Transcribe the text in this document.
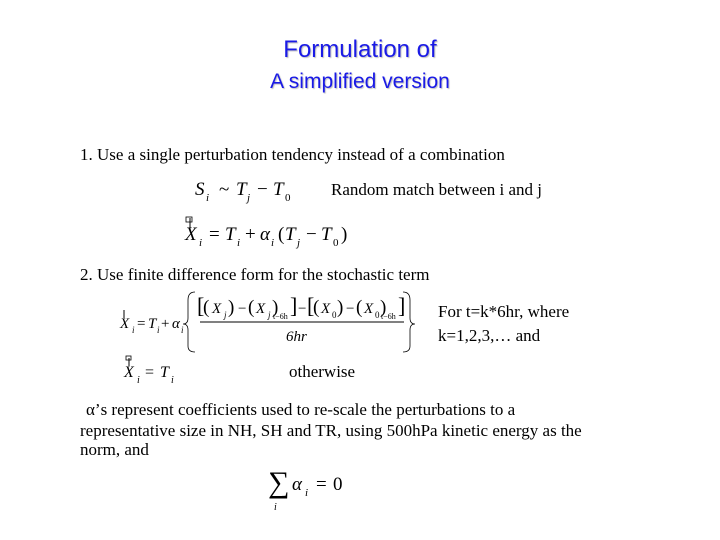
Formulation of
A simplified version
1. Use a single perturbation tendency instead of a combination
Random match between i and j
2. Use finite difference form for the stochastic term
For t=k*6hr, where
k=1,2,3,… and
otherwise
α’s represent coefficients used to re-scale the perturbations to a
representative size in NH, SH and TR, using 500hPa kinetic energy as the
norm, and
S i ~ T j − T 0
X i = T i + α i ( T j − T 0 )
X i = T i + α i
[
( X j ) − ( X j )
t−6h ] − [
( X 0 ) − ( X 0 )
t−6h ]
6hr
X i = T i
∑
i
α i = 0
